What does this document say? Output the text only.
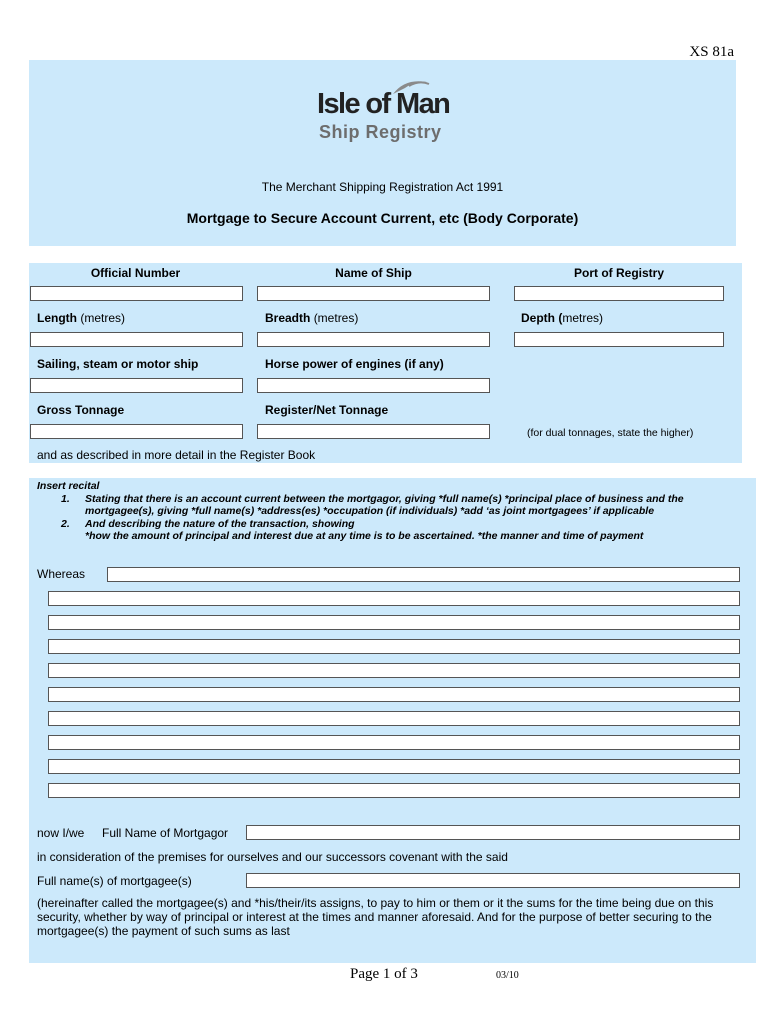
XS 81a
Isle of Man
Ship Registry
The Merchant Shipping Registration Act 1991
Mortgage to Secure Account Current, etc (Body Corporate)
Official Number	Name of Ship	Port of Registry
Length (metres)	Breadth (metres)	Depth (metres)
Sailing, steam or motor ship	Horse power of engines (if any)
Gross Tonnage	Register/Net Tonnage
(for dual tonnages, state the higher)
and as described in more detail in the Register Book
Insert recital
1. Stating that there is an account current between the mortgagor, giving *full name(s) *principal place of business and the mortgagee(s), giving *full name(s) *address(es) *occupation (if individuals) *add ‘as joint mortgagees’ if applicable
2. And describing the nature of the transaction, showing
*how the amount of principal and interest due at any time is to be ascertained. *the manner and time of payment
Whereas
now I/we Full Name of Mortgagor
in consideration of the premises for ourselves and our successors covenant with the said
Full name(s) of mortgagee(s)
(hereinafter called the mortgagee(s) and *his/their/its assigns, to pay to him or them or it the sums for the time being due on this security, whether by way of principal or interest at the times and manner aforesaid. And for the purpose of better securing to the mortgagee(s) the payment of such sums as last
Page 1 of 3	03/10
